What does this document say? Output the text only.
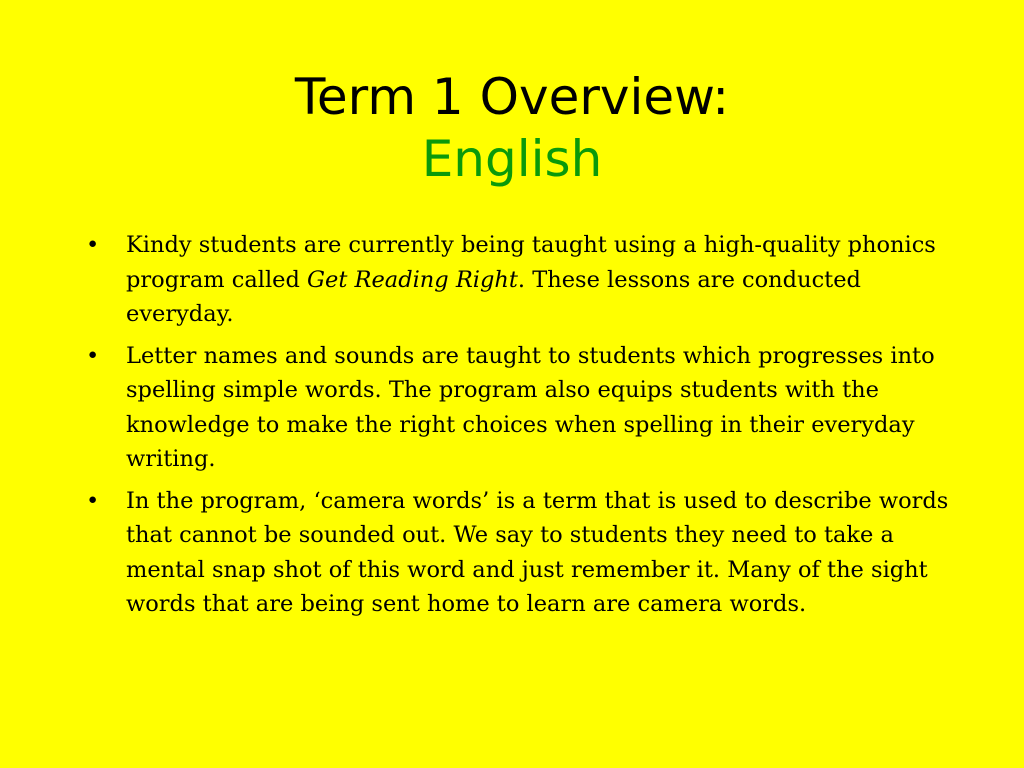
Term 1 Overview:
English
• Kindy students are currently being taught using a high-quality phonics program called Get Reading Right. These lessons are conducted everyday.
• Letter names and sounds are taught to students which progresses into spelling simple words. The program also equips students with the knowledge to make the right choices when spelling in their everyday writing.
• In the program, ‘camera words’ is a term that is used to describe words that cannot be sounded out. We say to students they need to take a mental snap shot of this word and just remember it. Many of the sight words that are being sent home to learn are camera words.
